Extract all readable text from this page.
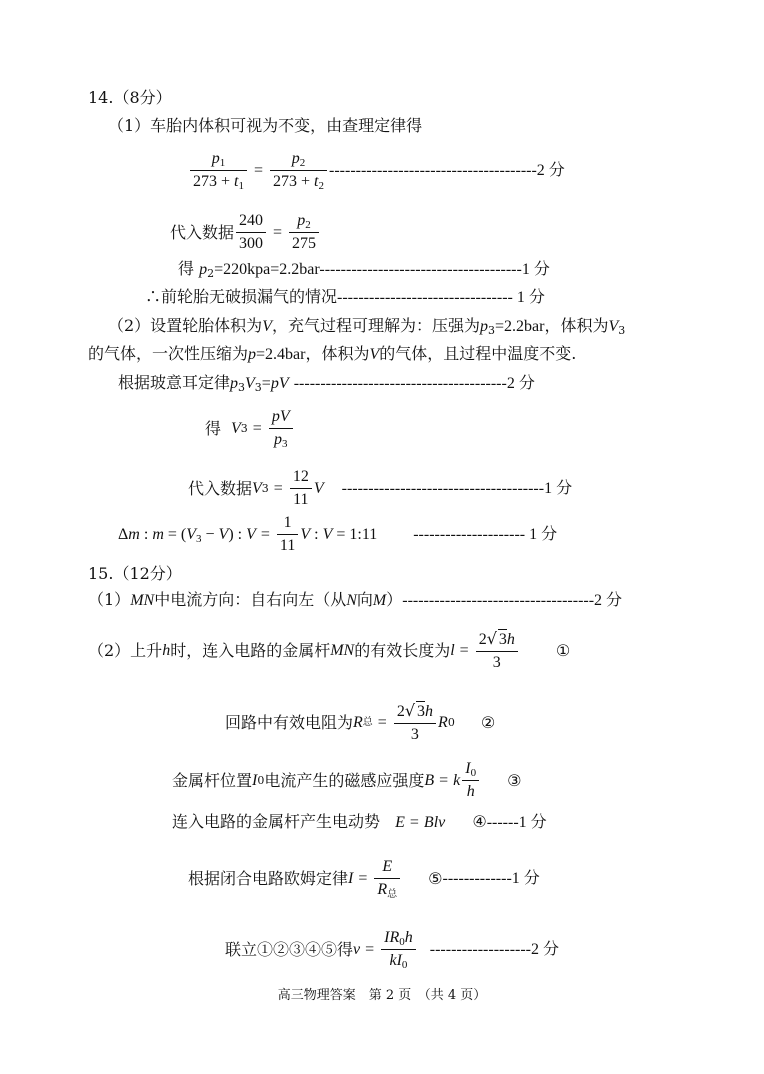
14.（8分）
（1）车胎内体积可视为不变，由查理定律得
$\frac{p_1}{273 + t_1} = \frac{p_2}{273 + t_2} ---------------------------------------2$ 分
代入数据 $\frac{240}{300} = \frac{p_2}{275}$
得 $p_2=220kpa=2.2bar--------------------------------------1$ 分
∴前轮胎无破损漏气的情况--------------------------------- 1 分
（2）设置轮胎体积为V，充气过程可理解为：压强为$p_3=2.2bar$，体积为$V_3$
的气体，一次性压缩为p=2.4bar，体积为V的气体，且过程中温度不变.
根据玻意耳定律$p_3V_3=pV$ ----------------------------------------2 分
得 V $3 = \frac{pV}{p_3}$
代入数据 V $3 = \frac{12}{11}$ V --------------------------------------1 分
Δm : $m = (V_3 - V)$ : $V = \frac{1}{11}$ V : V = 1:11 --------------------- 1 分
15.（12分）
（1）MN中电流方向：自右向左（从N向M）------------------------------------2 分
（2）上升 h 时，连入电路的金属杆 MN 的有效长度为 $l = \frac{2√ 3h}{3}$ ①
回路中有效电阻为 R 总 = $\frac{2√ 3h}{3}$ R 0 ②
金属杆位置 I 0 电流产生的磁感应强度 B = k $\frac{I_0}{h}$ ③
连入电路的金属杆产生电动势 E = Blv ④------1 分
根据闭合电路欧姆定律 $I = \frac{E}{R_总}$ ⑤ -------------1 分
联立①②③④⑤得 $v = \frac{IR_0h}{kI_0} -------------------2$ 分
高三物理答案　第 2 页　（共 4 页）
